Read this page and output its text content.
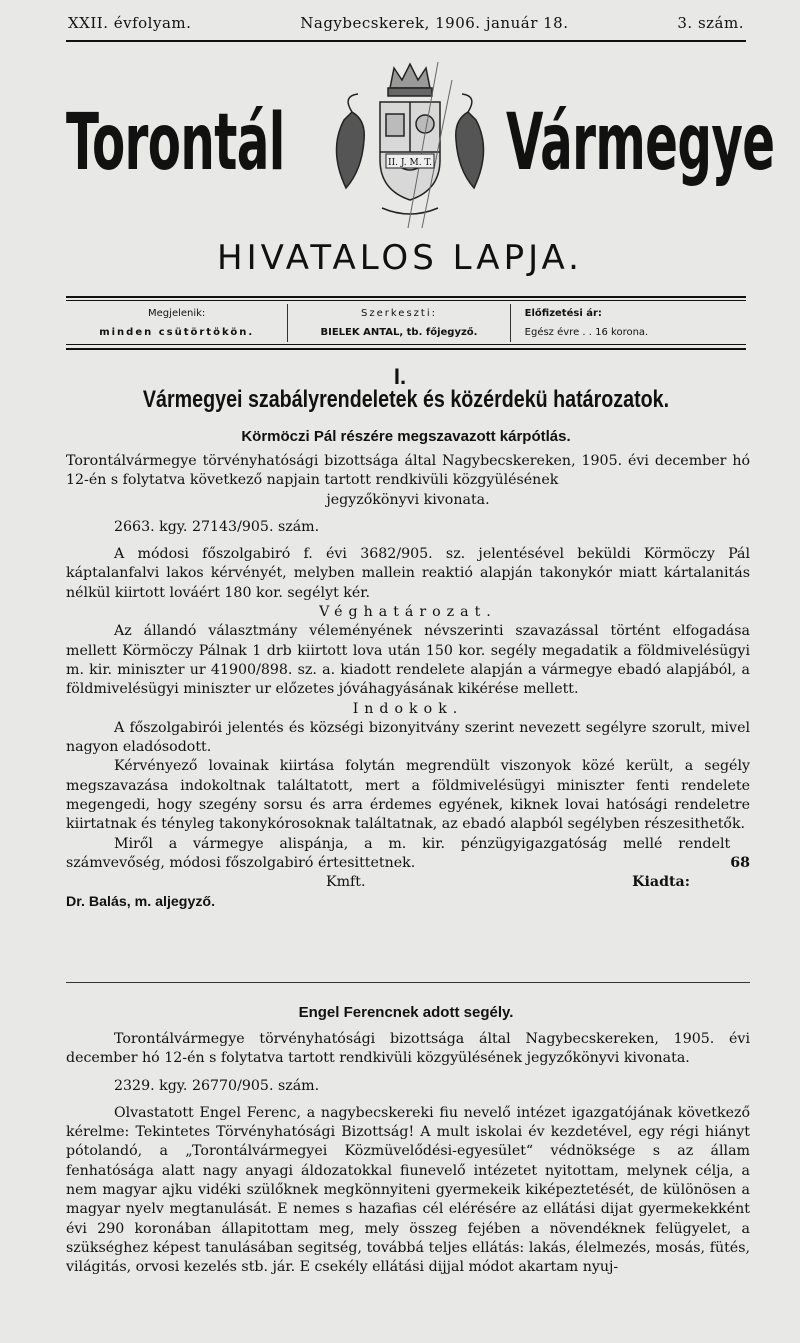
XXII. évfolyam.	Nagybecskerek, 1906. január 18.	3. szám.
Torontál	II. J. M. T. Vármegye
HIVATALOS LAPJA.
Megjelenik:
minden csütörtökön.
Szerkeszti:
BIELEK ANTAL, tb. főjegyző.
Előfizetési ár:
Egész évre . . 16 korona.
I.
Vármegyei szabályrendeletek és közérdekü határozatok.
Körmöczi Pál részére megszavazott kárpótlás.

Torontálvármegye törvényhatósági bizottsága által Nagybecskereken, 1905. évi december hó 12-én s folytatva következő napjain tartott rendkivüli közgyülésének

jegyzőkönyvi kivonata.

2663. kgy. 27143/905. szám.

A módosi főszolgabiró f. évi 3682/905. sz. jelentésével beküldi Körmöczy Pál káptalanfalvi lakos kérvényét, melyben mallein reaktió alapján takonykór miatt kártalanitás nélkül kiirtott lováért 180 kor. segélyt kér.

Véghatározat.

Az állandó választmány véleményének névszerinti szavazással történt elfogadása mellett Körmöczy Pálnak 1 drb kiirtott lova után 150 kor. segély megadatik a földmivelésügyi m. kir. miniszter ur 41900/898. sz. a. kiadott rendelete alapján a vármegye ebadó alapjából, a földmivelésügyi miniszter ur előzetes jóváhagyásának kikérése mellett.

Indokok.

A főszolgabirói jelentés és községi bizonyitvány szerint nevezett segélyre szorult, mivel nagyon eladósodott.

Kérvényező lovainak kiirtása folytán megrendült viszonyok közé került, a segély megszavazása indokoltnak találtatott, mert a földmivelésügyi miniszter fenti rendelete megengedi, hogy szegény sorsu és arra érdemes egyének, kiknek lovai hatósági rendeletre kiirtatnak és tényleg takonykórosoknak találtatnak, az ebadó alapból segélyben részesithetők.

Miről a vármegye alispánja, a m. kir. pénzügyigazgatóság mellé rendelt számvevőség, módosi főszolgabiró értesittetnek.	68
Kmft.	Kiadta:

Dr. Balás, m. aljegyző.

Engel Ferencnek adott segély.

Torontálvármegye törvényhatósági bizottsága által Nagybecskereken, 1905. évi december hó 12-én s folytatva tartott rendkivüli közgyülésének jegyzőkönyvi kivonata.

2329. kgy. 26770/905. szám.

Olvastatott Engel Ferenc, a nagybecskereki fiu nevelő intézet igazgatójának következő kérelme: Tekintetes Törvényhatósági Bizottság! A mult iskolai év kezdetével, egy régi hiányt pótolandó, a „Torontálvármegyei Közmüvelődési-egyesület“ védnöksége s az állam fenhatósága alatt nagy anyagi áldozatokkal fiunevelő intézetet nyitottam, melynek célja, a nem magyar ajku vidéki szülőknek megkönnyiteni gyermekeik kiképeztetését, de különösen a magyar nyelv megtanulását. E nemes s hazafias cél elérésére az ellátási dijat gyermekekként évi 290 koronában állapitottam meg, mely összeg fejében a növendéknek felügyelet, a szükséghez képest tanulásában segitség, továbbá teljes ellátás: lakás, élelmezés, mosás, fütés, világitás, orvosi kezelés stb. jár. E csekély ellátási dijjal módot akartam nyuj-
